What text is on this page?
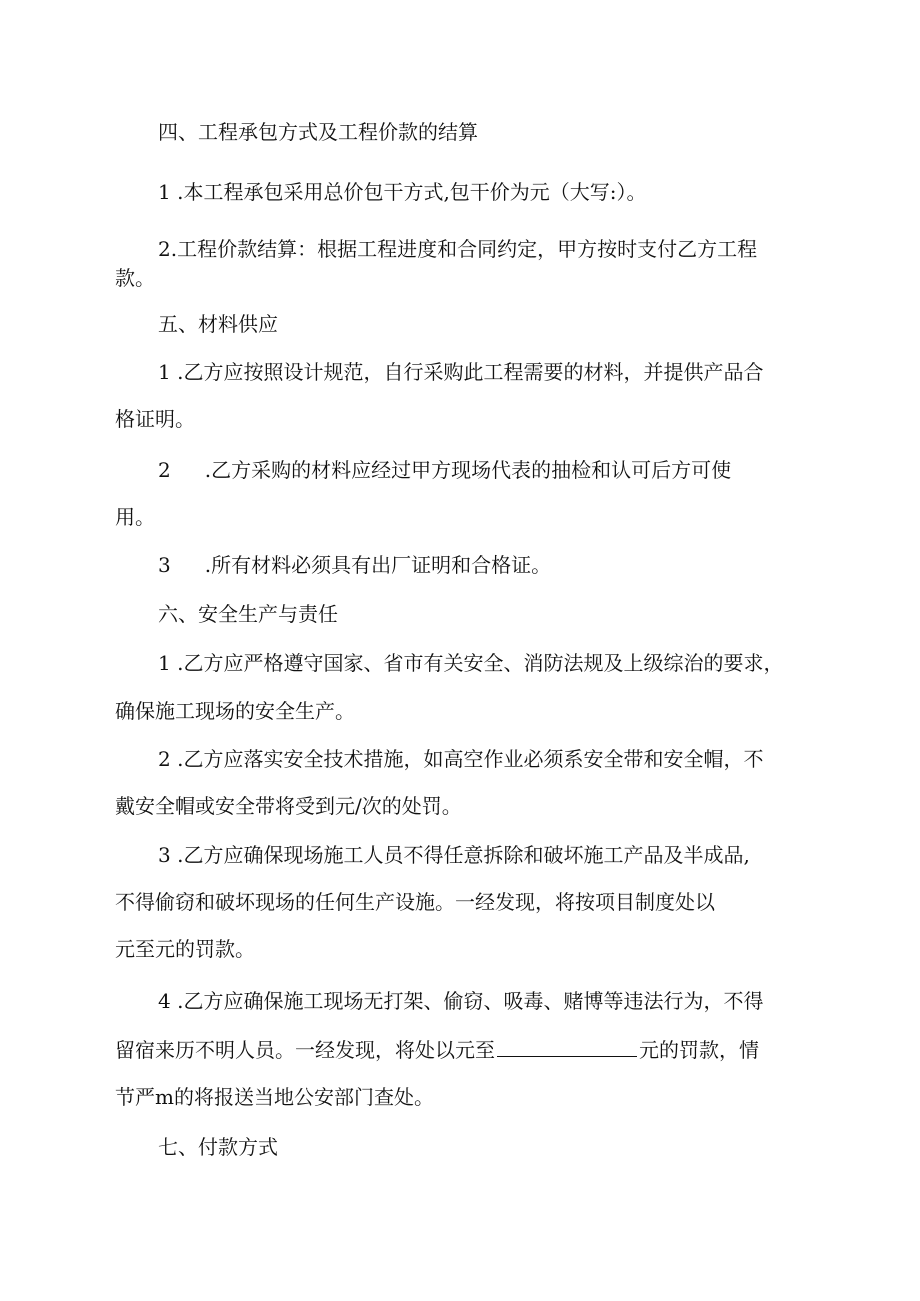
四、工程承包方式及工程价款的结算
1 .本工程承包采用总价包干方式,包干价为元（大写:）。
2.工程价款结算：根据工程进度和合同约定，甲方按时支付乙方工程
款。
五、材料供应
1 .乙方应按照设计规范，自行采购此工程需要的材料，并提供产品合
格证明。
2 .乙方采购的材料应经过甲方现场代表的抽检和认可后方可使
用。
3 .所有材料必须具有出厂证明和合格证。
六、安全生产与责任
1 .乙方应严格遵守国家、省市有关安全、消防法规及上级综治的要求，
确保施工现场的安全生产。
2 .乙方应落实安全技术措施，如高空作业必须系安全带和安全帽，不
戴安全帽或安全带将受到元/次的处罚。
3 .乙方应确保现场施工人员不得任意拆除和破坏施工产品及半成品,
不得偷窃和破坏现场的任何生产设施。一经发现，将按项目制度处以
元至元的罚款。
4 .乙方应确保施工现场无打架、偷窃、吸毒、赌博等违法行为，不得
留宿来历不明人员。一经发现，将处以元至	元的罚款，情
节严m的将报送当地公安部门查处。
七、付款方式
